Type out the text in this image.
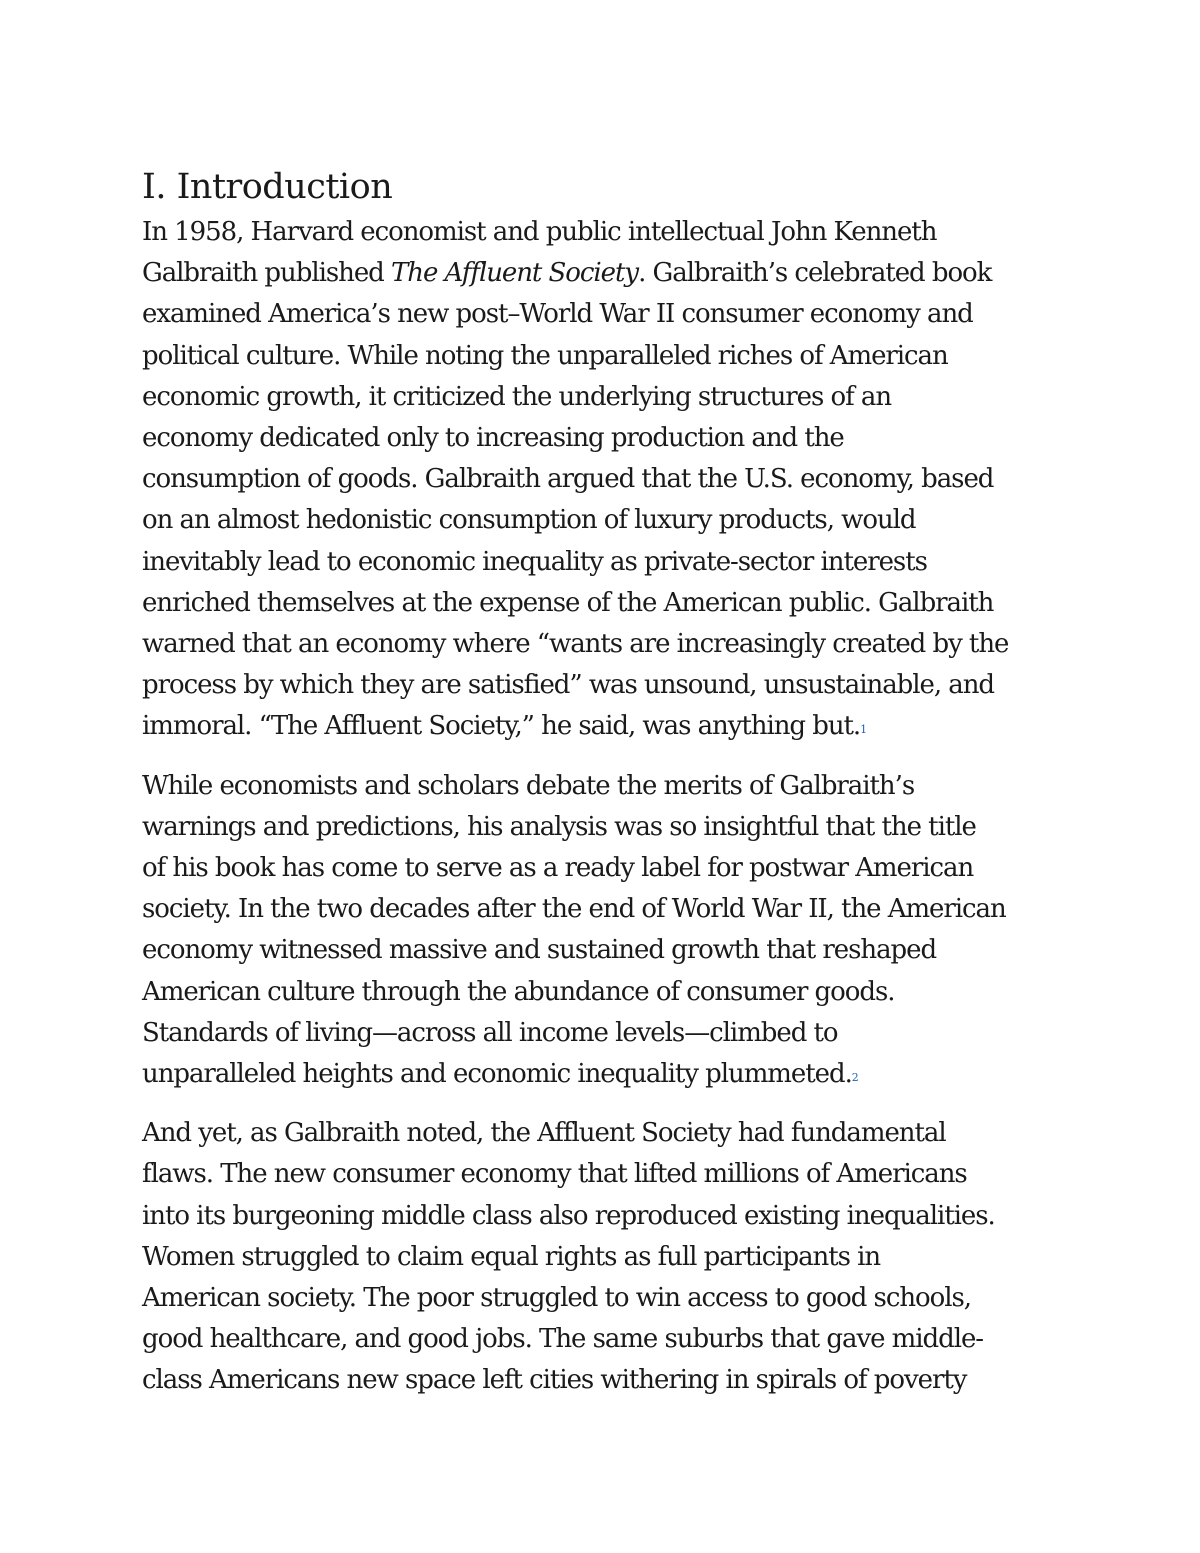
I. Introduction

In 1958, Harvard economist and public intellectual John Kenneth
Galbraith published The Affluent Society. Galbraith’s celebrated book
examined America’s new post–World War II consumer economy and
political culture. While noting the unparalleled riches of American
economic growth, it criticized the underlying structures of an
economy dedicated only to increasing production and the
consumption of goods. Galbraith argued that the U.S. economy, based
on an almost hedonistic consumption of luxury products, would
inevitably lead to economic inequality as private-sector interests
enriched themselves at the expense of the American public. Galbraith
warned that an economy where “wants are increasingly created by the
process by which they are satisfied” was unsound, unsustainable, and
immoral. “The Affluent Society,” he said, was anything but.1

While economists and scholars debate the merits of Galbraith’s
warnings and predictions, his analysis was so insightful that the title
of his book has come to serve as a ready label for postwar American
society. In the two decades after the end of World War II, the American
economy witnessed massive and sustained growth that reshaped
American culture through the abundance of consumer goods.
Standards of living—across all income levels—climbed to
unparalleled heights and economic inequality plummeted.2

And yet, as Galbraith noted, the Affluent Society had fundamental
flaws. The new consumer economy that lifted millions of Americans
into its burgeoning middle class also reproduced existing inequalities.
Women struggled to claim equal rights as full participants in
American society. The poor struggled to win access to good schools,
good healthcare, and good jobs. The same suburbs that gave middle-
class Americans new space left cities withering in spirals of poverty
